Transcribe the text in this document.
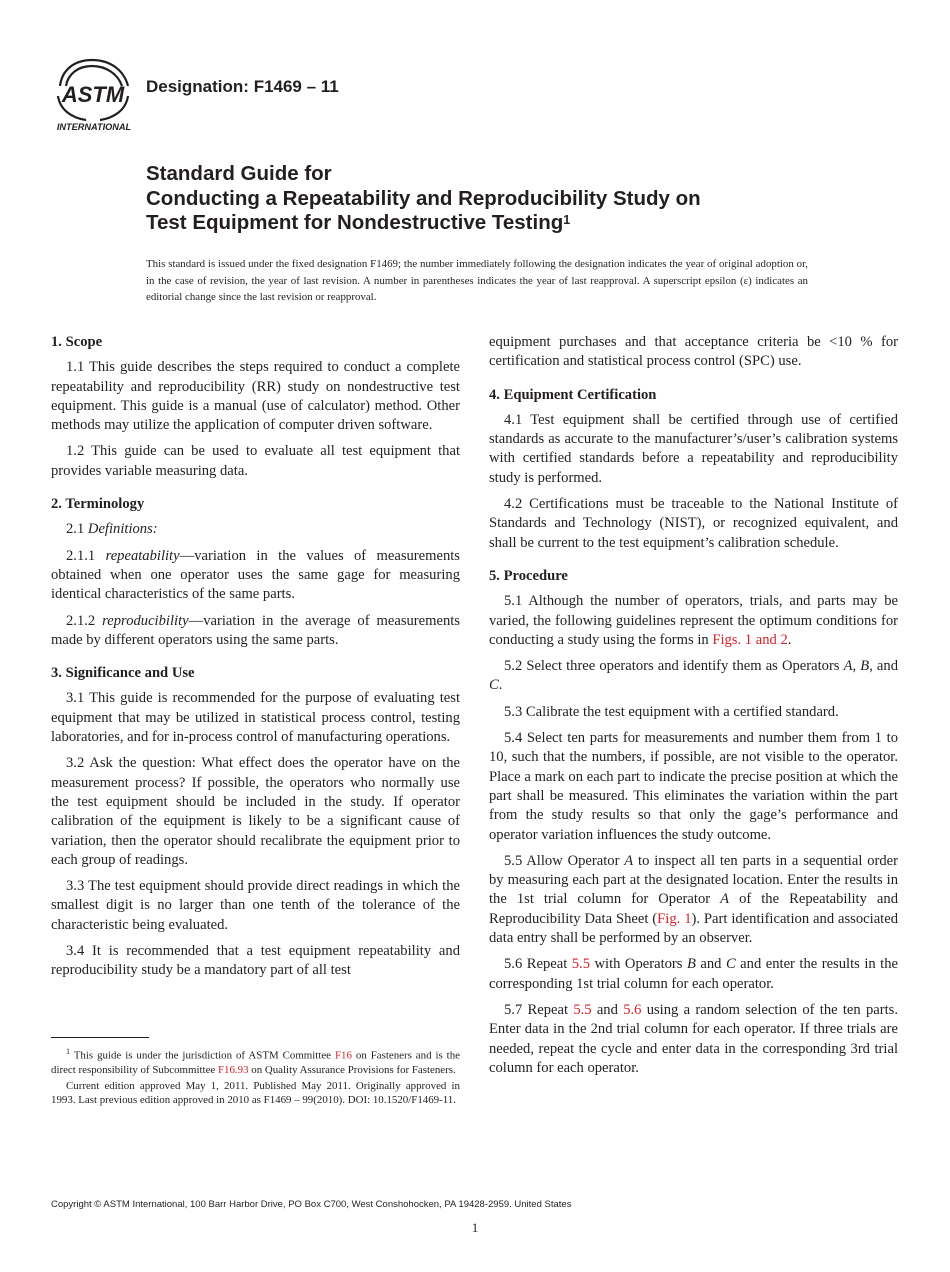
ASTM
INTERNATIONAL
Designation: F1469 – 11
Standard Guide for
Conducting a Repeatability and Reproducibility Study on
Test Equipment for Nondestructive Testing$^1$
This standard is issued under the fixed designation F1469; the number immediately following the designation indicates the year of original adoption or, in the case of revision, the year of last revision. A number in parentheses indicates the year of last reapproval. A superscript epsilon (ε) indicates an editorial change since the last revision or reapproval.
1. Scope

1.1 This guide describes the steps required to conduct a complete repeatability and reproducibility (RR) study on nondestructive test equipment. This guide is a manual (use of calculator) method. Other methods may utilize the application of computer driven software.

1.2 This guide can be used to evaluate all test equipment that provides variable measuring data.

2. Terminology

2.1 Definitions:

2.1.1 repeatability—variation in the values of measurements obtained when one operator uses the same gage for measuring identical characteristics of the same parts.

2.1.2 reproducibility—variation in the average of measurements made by different operators using the same parts.

3. Significance and Use

3.1 This guide is recommended for the purpose of evaluating test equipment that may be utilized in statistical process control, testing laboratories, and for in-process control of manufacturing operations.

3.2 Ask the question: What effect does the operator have on the measurement process? If possible, the operators who normally use the test equipment should be included in the study. If operator calibration of the equipment is likely to be a significant cause of variation, then the operator should recalibrate the equipment prior to each group of readings.

3.3 The test equipment should provide direct readings in which the smallest digit is no larger than one tenth of the tolerance of the characteristic being evaluated.

3.4 It is recommended that a test equipment repeatability and reproducibility study be a mandatory part of all test

equipment purchases and that acceptance criteria be <10 % for certification and statistical process control (SPC) use.

4. Equipment Certification

4.1 Test equipment shall be certified through use of certified standards as accurate to the manufacturer’s/user’s calibration systems with certified standards before a repeatability and reproducibility study is performed.

4.2 Certifications must be traceable to the National Institute of Standards and Technology (NIST), or recognized equivalent, and shall be current to the test equipment’s calibration schedule.

5. Procedure

5.1 Although the number of operators, trials, and parts may be varied, the following guidelines represent the optimum conditions for conducting a study using the forms in Figs. 1 and 2.

5.2 Select three operators and identify them as Operators A, B, and C.

5.3 Calibrate the test equipment with a certified standard.

5.4 Select ten parts for measurements and number them from 1 to 10, such that the numbers, if possible, are not visible to the operator. Place a mark on each part to indicate the precise position at which the part shall be measured. This eliminates the variation within the part from the study results so that only the gage’s performance and operator variation influences the study outcome.

5.5 Allow Operator A to inspect all ten parts in a sequential order by measuring each part at the designated location. Enter the results in the 1st trial column for Operator A of the Repeatability and Reproducibility Data Sheet (Fig. 1). Part identification and associated data entry shall be performed by an observer.

5.6 Repeat 5.5 with Operators B and C and enter the results in the corresponding 1st trial column for each operator.

5.7 Repeat 5.5 and 5.6 using a random selection of the ten parts. Enter data in the 2nd trial column for each operator. If three trials are needed, repeat the cycle and enter data in the corresponding 3rd trial column for each operator.

$^1$ This guide is under the jurisdiction of ASTM Committee F16 on Fasteners and is the direct responsibility of Subcommittee F16.93 on Quality Assurance Provisions for Fasteners.

Current edition approved May 1, 2011. Published May 2011. Originally approved in 1993. Last previous edition approved in 2010 as F1469 – 99(2010). DOI: 10.1520/F1469-11.

Copyright © ASTM International, 100 Barr Harbor Drive, PO Box C700, West Conshohocken, PA 19428-2959. United States
1
